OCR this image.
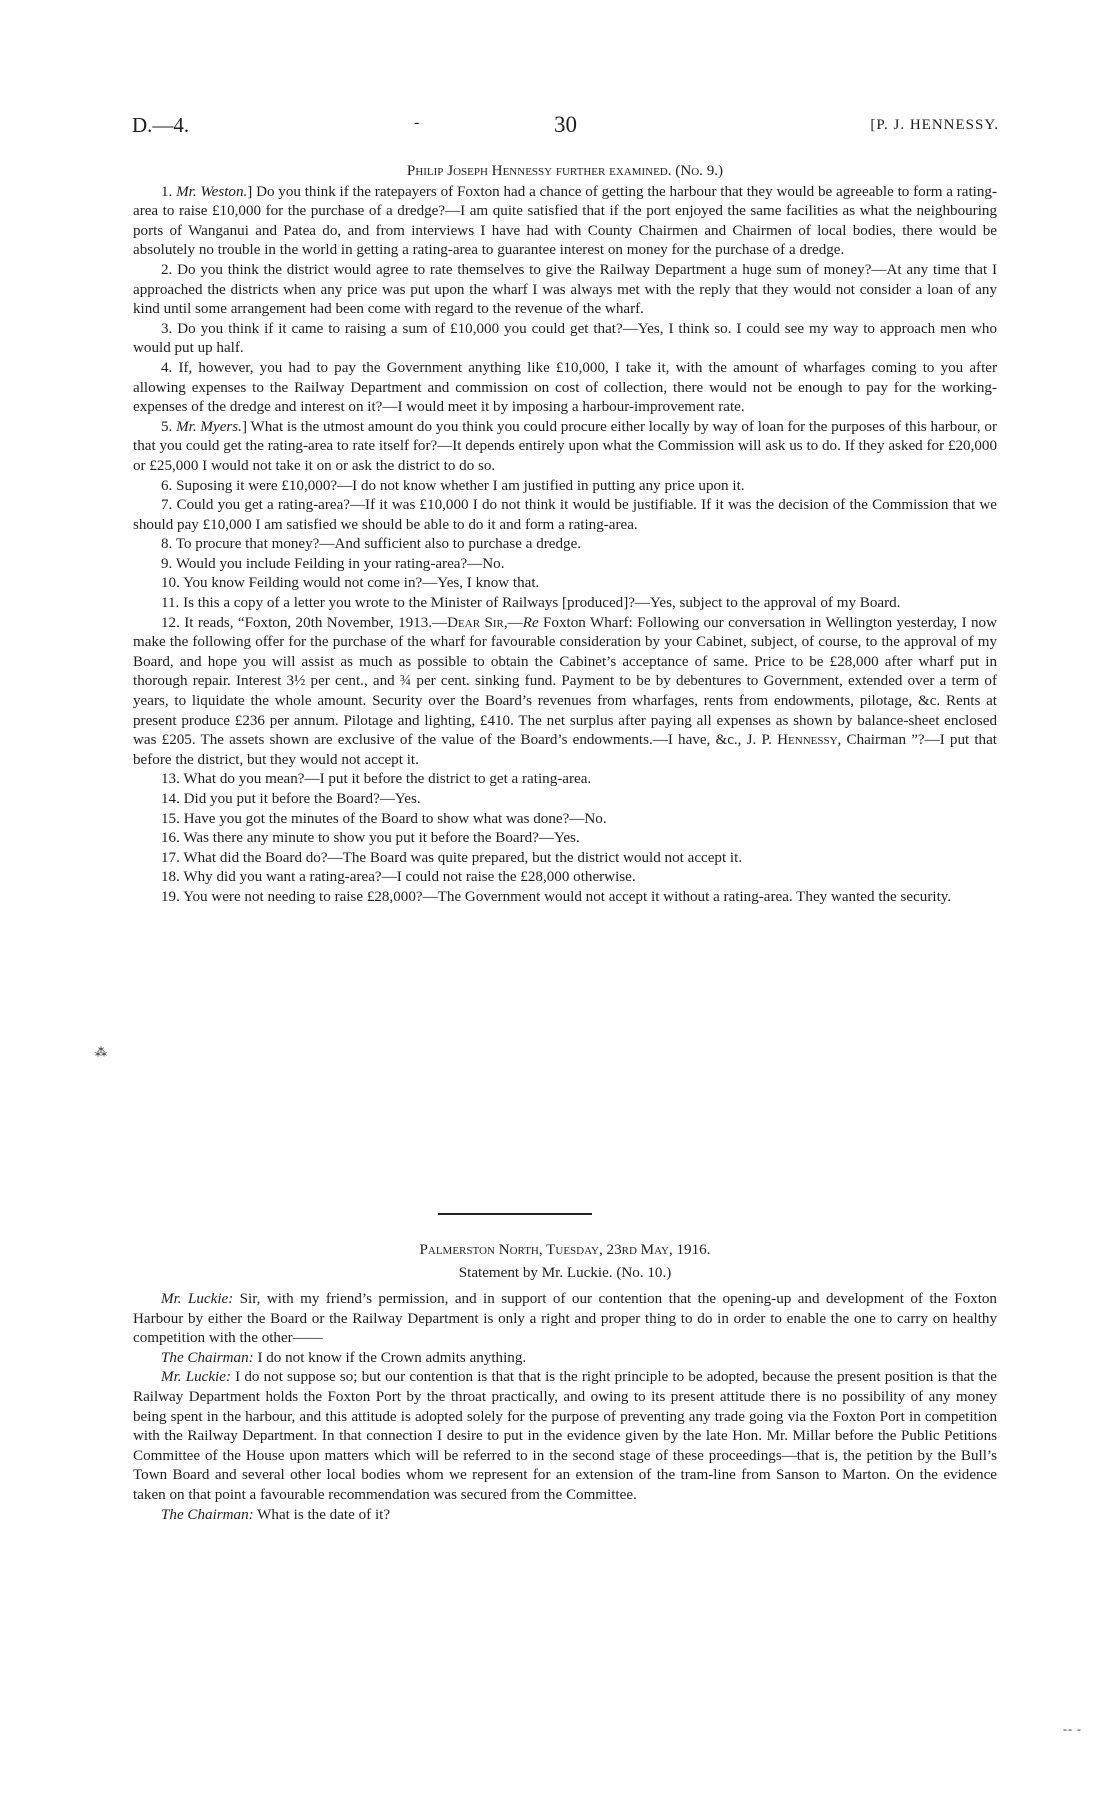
D.—4.	-	30	[P. J. HENNESSY.
Philip Joseph Hennessy further examined. (No. 9.)

1. Mr. Weston.] Do you think if the ratepayers of Foxton had a chance of getting the harbour that they would be agreeable to form a rating-area to raise £10,000 for the purchase of a dredge?—I am quite satisfied that if the port enjoyed the same facilities as what the neighbouring ports of Wanganui and Patea do, and from interviews I have had with County Chairmen and Chairmen of local bodies, there would be absolutely no trouble in the world in getting a rating-area to guarantee interest on money for the purchase of a dredge.

2. Do you think the district would agree to rate themselves to give the Railway Department a huge sum of money?—At any time that I approached the districts when any price was put upon the wharf I was always met with the reply that they would not consider a loan of any kind until some arrangement had been come with regard to the revenue of the wharf.

3. Do you think if it came to raising a sum of £10,000 you could get that?—Yes, I think so. I could see my way to approach men who would put up half.

4. If, however, you had to pay the Government anything like £10,000, I take it, with the amount of wharfages coming to you after allowing expenses to the Railway Department and commission on cost of collection, there would not be enough to pay for the working-expenses of the dredge and interest on it?—I would meet it by imposing a harbour-improvement rate.

5. Mr. Myers.] What is the utmost amount do you think you could procure either locally by way of loan for the purposes of this harbour, or that you could get the rating-area to rate itself for?—It depends entirely upon what the Commission will ask us to do. If they asked for £20,000 or £25,000 I would not take it on or ask the district to do so.

6. Suposing it were £10,000?—I do not know whether I am justified in putting any price upon it.

7. Could you get a rating-area?—If it was £10,000 I do not think it would be justifiable. If it was the decision of the Commission that we should pay £10,000 I am satisfied we should be able to do it and form a rating-area.

8. To procure that money?—And sufficient also to purchase a dredge.

9. Would you include Feilding in your rating-area?—No.

10. You know Feilding would not come in?—Yes, I know that.

11. Is this a copy of a letter you wrote to the Minister of Railways [produced]?—Yes, subject to the approval of my Board.

12. It reads, “Foxton, 20th November, 1913.—Dear Sir,—Re Foxton Wharf: Following our conversation in Wellington yesterday, I now make the following offer for the purchase of the wharf for favourable consideration by your Cabinet, subject, of course, to the approval of my Board, and hope you will assist as much as possible to obtain the Cabinet’s acceptance of same. Price to be £28,000 after wharf put in thorough repair. Interest 3½ per cent., and ¾ per cent. sinking fund. Payment to be by debentures to Government, extended over a term of years, to liquidate the whole amount. Security over the Board’s revenues from wharfages, rents from endowments, pilotage, &c. Rents at present produce £236 per annum. Pilotage and lighting, £410. The net surplus after paying all expenses as shown by balance-sheet enclosed was £205. The assets shown are exclusive of the value of the Board’s endowments.—I have, &c., J. P. Hennessy, Chairman ”?—I put that before the district, but they would not accept it.

13. What do you mean?—I put it before the district to get a rating-area.

14. Did you put it before the Board?—Yes.

15. Have you got the minutes of the Board to show what was done?—No.

16. Was there any minute to show you put it before the Board?—Yes.

17. What did the Board do?—The Board was quite prepared, but the district would not accept it.

18. Why did you want a rating-area?—I could not raise the £28,000 otherwise.

19. You were not needing to raise £28,000?—The Government would not accept it without a rating-area. They wanted the security.

Palmerston North, Tuesday, 23rd May, 1916.
Statement by Mr. Luckie. (No. 10.)

Mr. Luckie: Sir, with my friend’s permission, and in support of our contention that the opening-up and development of the Foxton Harbour by either the Board or the Railway Department is only a right and proper thing to do in order to enable the one to carry on healthy competition with the other——

The Chairman: I do not know if the Crown admits anything.

Mr. Luckie: I do not suppose so; but our contention is that that is the right principle to be adopted, because the present position is that the Railway Department holds the Foxton Port by the throat practically, and owing to its present attitude there is no possibility of any money being spent in the harbour, and this attitude is adopted solely for the purpose of preventing any trade going via the Foxton Port in competition with the Railway Department. In that connection I desire to put in the evidence given by the late Hon. Mr. Millar before the Public Petitions Committee of the House upon matters which will be referred to in the second stage of these proceedings—that is, the petition by the Bull’s Town Board and several other local bodies whom we represent for an extension of the tram-line from Sanson to Marton. On the evidence taken on that point a favourable recommendation was secured from the Committee.

The Chairman: What is the date of it?

⁂
-- -
